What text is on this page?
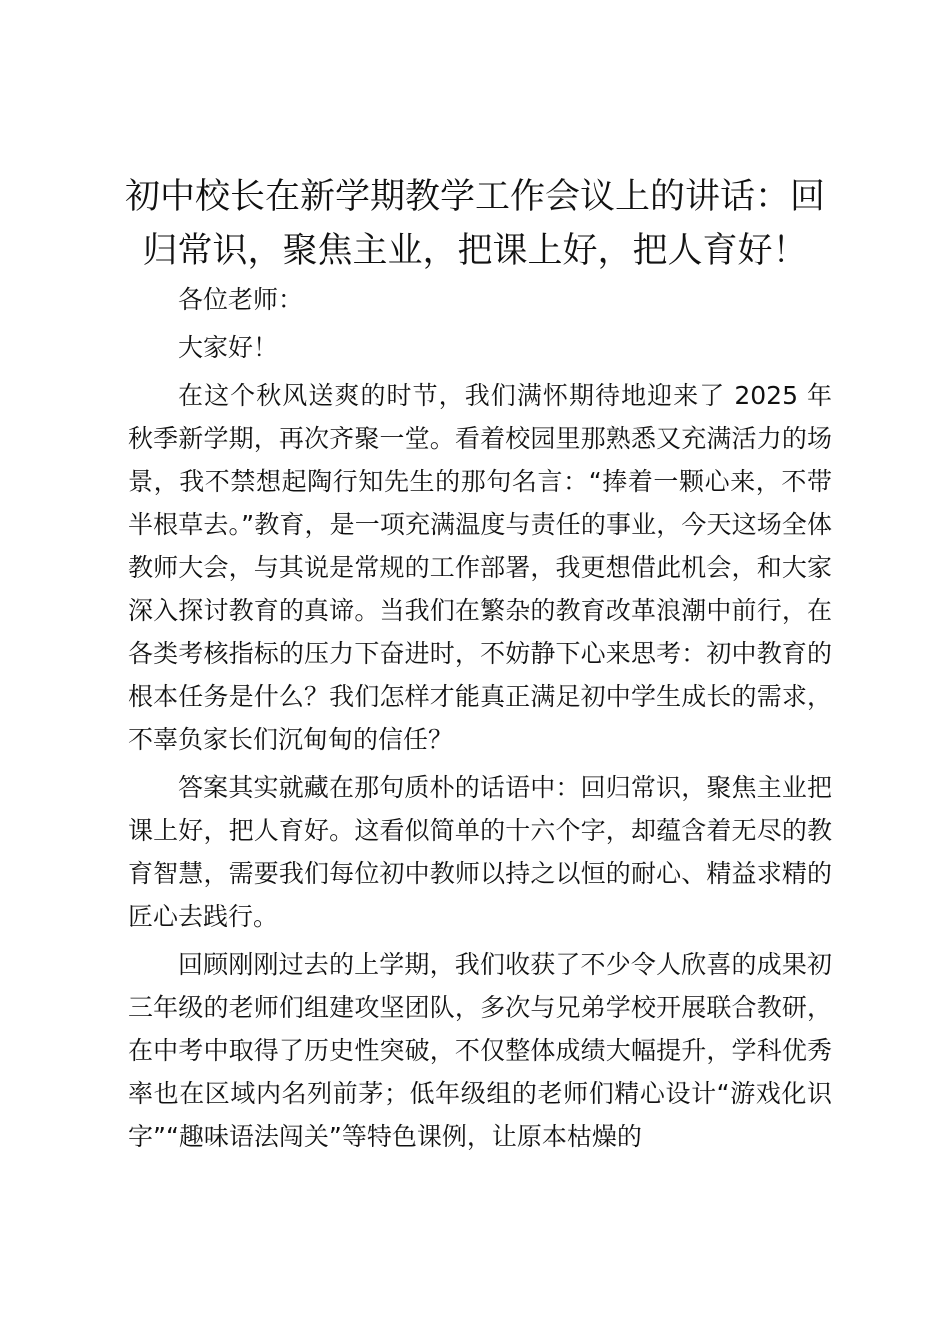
初中校长在新学期教学工作会议上的讲话：回归常识，聚焦主业，把课上好，把人育好！

各位老师：

大家好！

在这个秋风送爽的时节，我们满怀期待地迎来了 2025 年秋季新学期，再次齐聚一堂。看着校园里那熟悉又充满活力的场景，我不禁想起陶行知先生的那句名言：“捧着一颗心来，不带半根草去。”教育，是一项充满温度与责任的事业，今天这场全体教师大会，与其说是常规的工作部署，我更想借此机会，和大家深入探讨教育的真谛。当我们在繁杂的教育改革浪潮中前行，在各类考核指标的压力下奋进时，不妨静下心来思考：初中教育的根本任务是什么？我们怎样才能真正满足初中学生成长的需求，不辜负家长们沉甸甸的信任？

答案其实就藏在那句质朴的话语中：回归常识，聚焦主业把课上好，把人育好。这看似简单的十六个字，却蕴含着无尽的教育智慧，需要我们每位初中教师以持之以恒的耐心、精益求精的匠心去践行。

回顾刚刚过去的上学期，我们收获了不少令人欣喜的成果初三年级的老师们组建攻坚团队，多次与兄弟学校开展联合教研，在中考中取得了历史性突破，不仅整体成绩大幅提升，学科优秀率也在区域内名列前茅；低年级组的老师们精心设计“游戏化识字”“趣味语法闯关”等特色课例，让原本枯燥的
